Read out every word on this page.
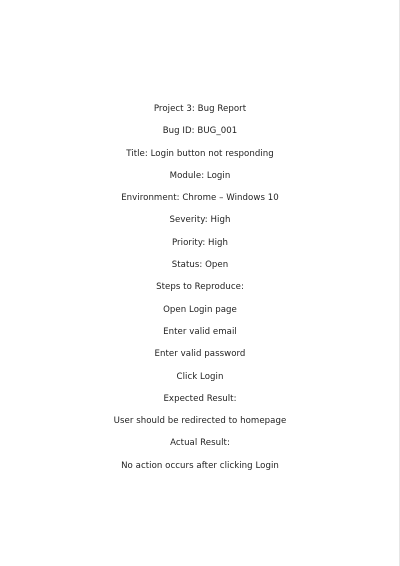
Project 3: Bug Report
Bug ID: BUG_001
Title: Login button not responding
Module: Login
Environment: Chrome – Windows 10
Severity: High
Priority: High
Status: Open
Steps to Reproduce:
Open Login page
Enter valid email
Enter valid password
Click Login
Expected Result:
User should be redirected to homepage
Actual Result:
No action occurs after clicking Login
